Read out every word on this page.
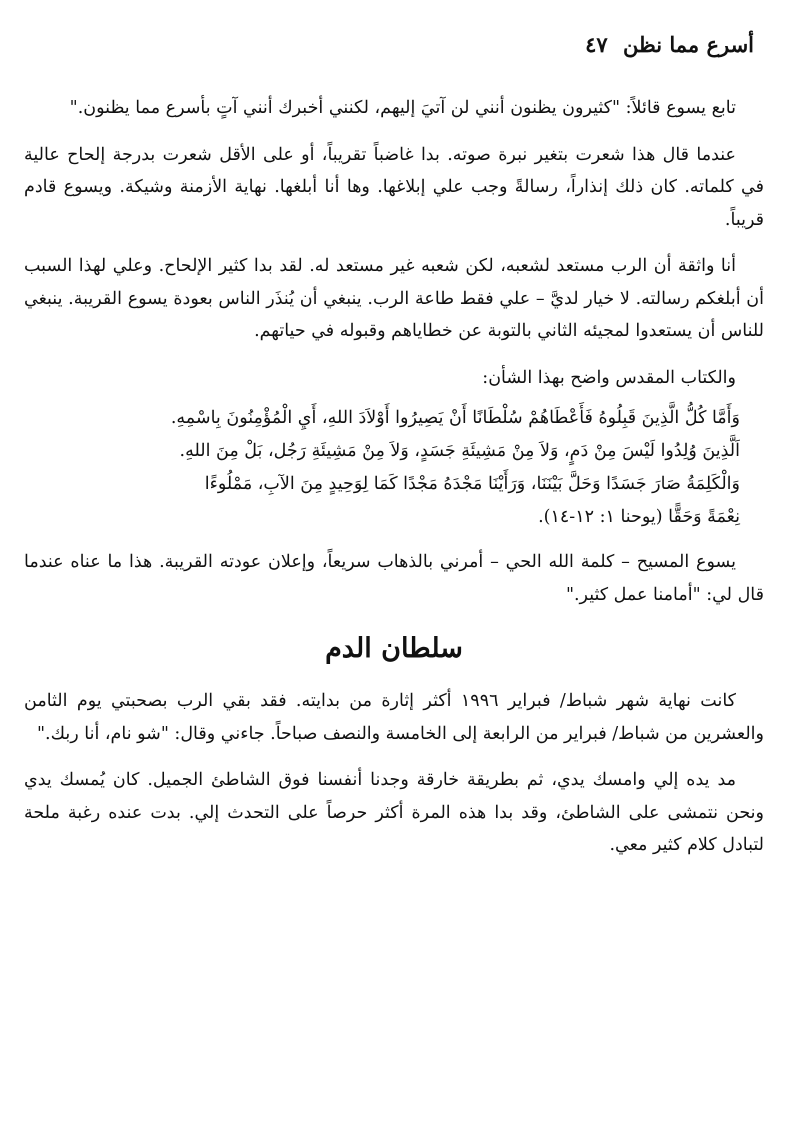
أسرع مما نظن ٤٧

تابع يسوع قائلاً: "كثيرون يظنون أنني لن آتيَ إليهم، لكنني أخبرك أنني آتٍ بأسرع مما يظنون."

عندما قال هذا شعرت بتغير نبرة صوته. بدا غاضباً تقريباً، أو على الأقل شعرت بدرجة إلحاح عالية في كلماته. كان ذلك إنذاراً، رسالةً وجب علي إبلاغها. وها أنا أبلغها. نهاية الأزمنة وشيكة. ويسوع قادم قريباً.

أنا واثقة أن الرب مستعد لشعبه، لكن شعبه غير مستعد له. لقد بدا كثير الإلحاح. وعلي لهذا السبب أن أبلغكم رسالته. لا خيار لديَّ – علي فقط طاعة الرب. ينبغي أن يُنذَر الناس بعودة يسوع القريبة. ينبغي للناس أن يستعدوا لمجيئه الثاني بالتوبة عن خطاياهم وقبوله في حياتهم.

والكتاب المقدس واضح بهذا الشأن:

وَأَمَّا كُلُّ الَّذِينَ قَبِلُوهُ فَأَعْطَاهُمْ سُلْطَانًا أَنْ يَصِيرُوا أَوْلاَدَ اللهِ، أَيِ الْمُؤْمِنُونَ بِاسْمِهِ.
اَلَّذِينَ وُلِدُوا لَيْسَ مِنْ دَمٍ، وَلاَ مِنْ مَشِيئَةِ جَسَدٍ، وَلاَ مِنْ مَشِيئَةِ رَجُل، بَلْ مِنَ اللهِ.
وَالْكَلِمَةُ صَارَ جَسَدًا وَحَلَّ بَيْنَنَا، وَرَأَيْنَا مَجْدَهُ مَجْدًا كَمَا لِوَحِيدٍ مِنَ الآبِ، مَمْلُوءًا
نِعْمَةً وَحَقًّا (يوحنا ١: ١٢-١٤).

يسوع المسيح – كلمة الله الحي – أمرني بالذهاب سريعاً، وإعلان عودته القريبة. هذا ما عناه عندما قال لي: "أمامنا عمل كثير."

سلطان الدم

كانت نهاية شهر شباط/ فبراير ١٩٩٦ أكثر إثارة من بدايته. فقد بقي الرب بصحبتي يوم الثامن والعشرين من شباط/ فبراير من الرابعة إلى الخامسة والنصف صباحاً. جاءني وقال: "شو نام، أنا ربك."

مد يده إلي وامسك يدي، ثم بطريقة خارقة وجدنا أنفسنا فوق الشاطئ الجميل. كان يُمسك يدي ونحن نتمشى على الشاطئ، وقد بدا هذه المرة أكثر حرصاً على التحدث إلي. بدت عنده رغبة ملحة لتبادل كلام كثير معي.
